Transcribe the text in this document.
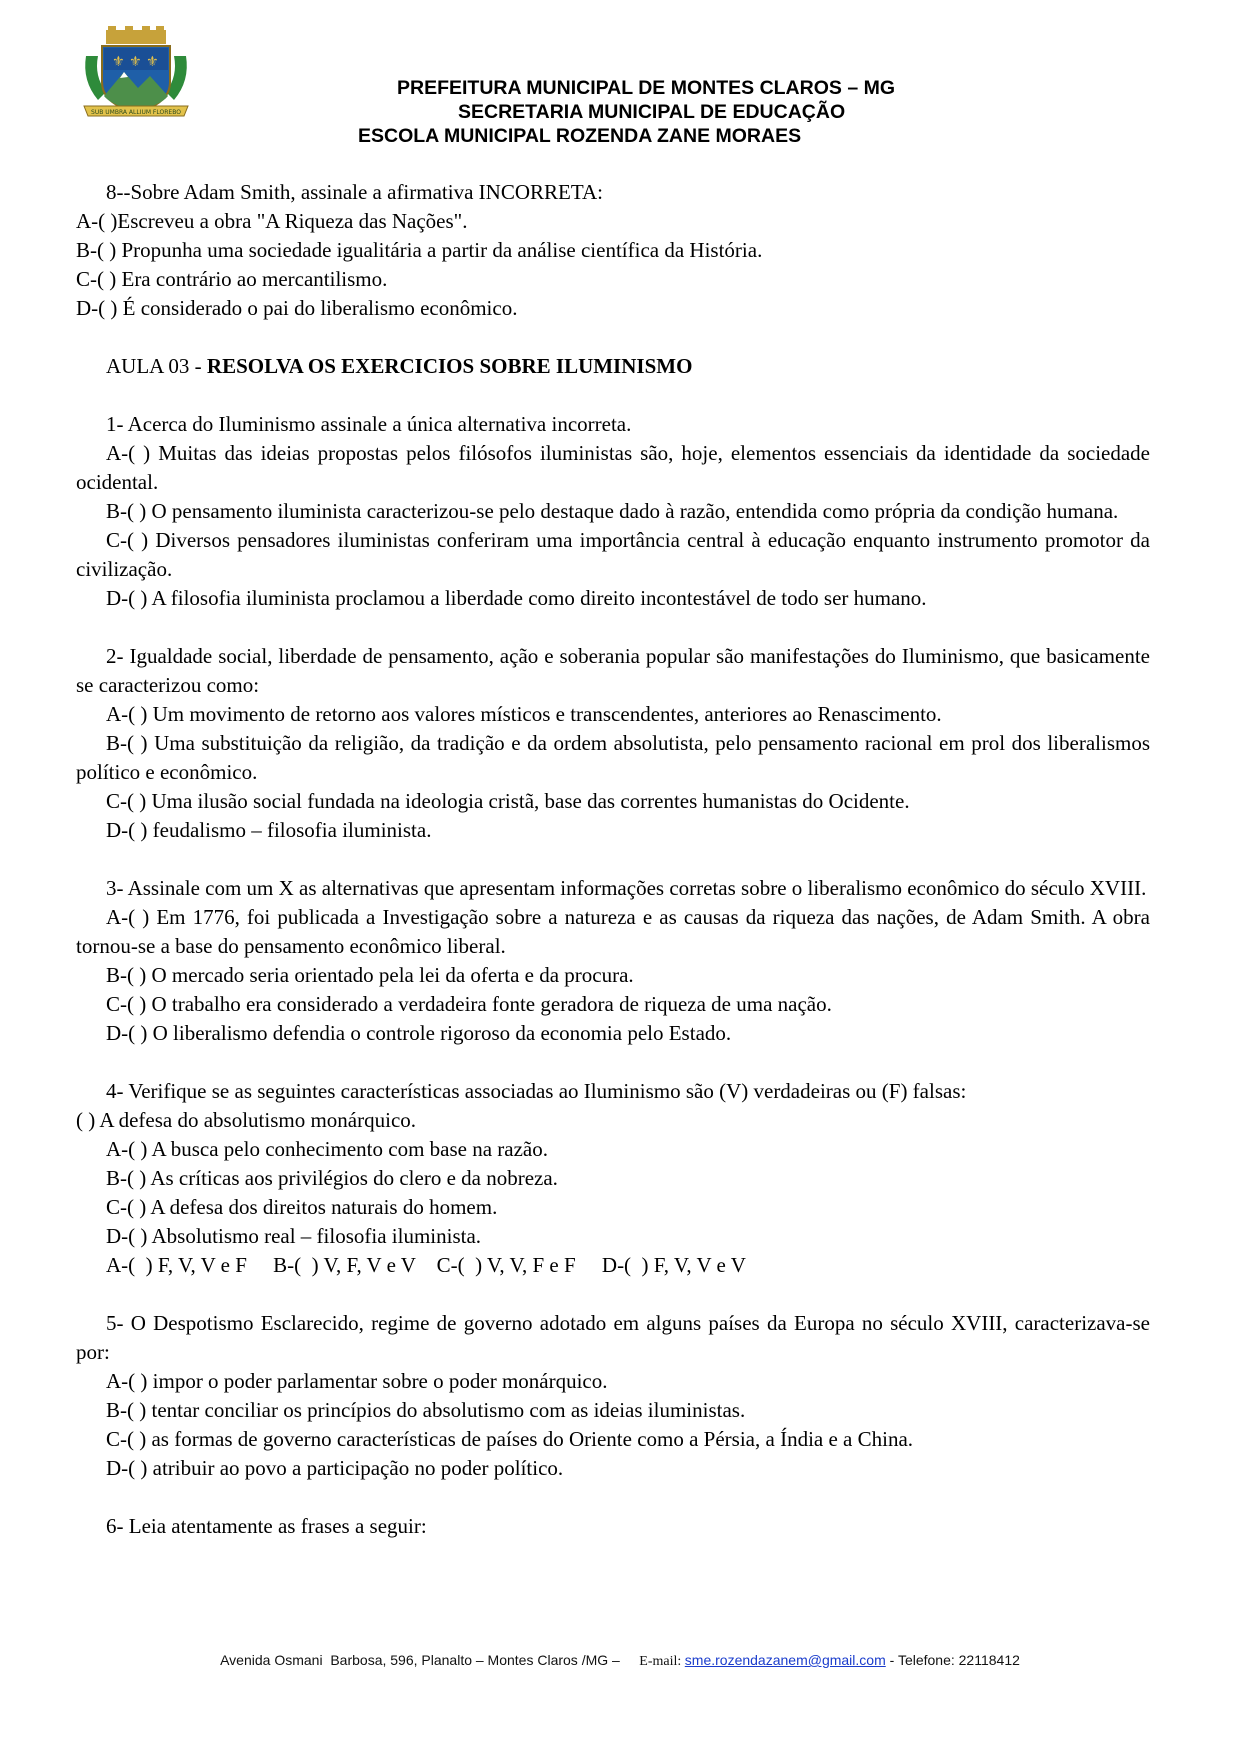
⚜ ⚜ ⚜
SUB UMBRA ALLIUM FLOREBO
PREFEITURA MUNICIPAL DE MONTES CLAROS – MG
SECRETARIA MUNICIPAL DE EDUCAÇÃO
ESCOLA MUNICIPAL ROZENDA ZANE MORAES

8--Sobre Adam Smith, assinale a afirmativa INCORRETA:

A-( )Escreveu a obra "A Riqueza das Nações".

B-( ) Propunha uma sociedade igualitária a partir da análise científica da História.

C-( ) Era contrário ao mercantilismo.

D-( ) É considerado o pai do liberalismo econômico.

AULA 03 - RESOLVA OS EXERCICIOS SOBRE ILUMINISMO

1- Acerca do Iluminismo assinale a única alternativa incorreta.

A-( ) Muitas das ideias propostas pelos filósofos iluministas são, hoje, elementos essenciais da identidade da sociedade ocidental.

B-( ) O pensamento iluminista caracterizou-se pelo destaque dado à razão, entendida como própria da condição humana.

C-( ) Diversos pensadores iluministas conferiram uma importância central à educação enquanto instrumento promotor da civilização.

D-( ) A filosofia iluminista proclamou a liberdade como direito incontestável de todo ser humano.

2- Igualdade social, liberdade de pensamento, ação e soberania popular são manifestações do Iluminismo, que basicamente se caracterizou como:

A-( ) Um movimento de retorno aos valores místicos e transcendentes, anteriores ao Renascimento.

B-( ) Uma substituição da religião, da tradição e da ordem absolutista, pelo pensamento racional em prol dos liberalismos político e econômico.

C-( ) Uma ilusão social fundada na ideologia cristã, base das correntes humanistas do Ocidente.

D-( ) feudalismo – filosofia iluminista.

3- Assinale com um X as alternativas que apresentam informações corretas sobre o liberalismo econômico do século XVIII.

A-( ) Em 1776, foi publicada a Investigação sobre a natureza e as causas da riqueza das nações, de Adam Smith. A obra tornou-se a base do pensamento econômico liberal.

B-( ) O mercado seria orientado pela lei da oferta e da procura.

C-( ) O trabalho era considerado a verdadeira fonte geradora de riqueza de uma nação.

D-( ) O liberalismo defendia o controle rigoroso da economia pelo Estado.

4- Verifique se as seguintes características associadas ao Iluminismo são (V) verdadeiras ou (F) falsas:

( ) A defesa do absolutismo monárquico.

A-( ) A busca pelo conhecimento com base na razão.

B-( ) As críticas aos privilégios do clero e da nobreza.

C-( ) A defesa dos direitos naturais do homem.

D-( ) Absolutismo real – filosofia iluminista.

A-(  ) F, V, V e F     B-(  ) V, F, V e V    C-(  ) V, V, F e F     D-(  ) F, V, V e V

5- O Despotismo Esclarecido, regime de governo adotado em alguns países da Europa no século XVIII, caracterizava-se por:

A-( ) impor o poder parlamentar sobre o poder monárquico.

B-( ) tentar conciliar os princípios do absolutismo com as ideias iluministas.

C-( ) as formas de governo características de países do Oriente como a Pérsia, a Índia e a China.

D-( ) atribuir ao povo a participação no poder político.

6- Leia atentamente as frases a seguir:

Avenida Osmani  Barbosa, 596, Planalto – Montes Claros /MG –     E-mail: sme.rozendazanem@gmail.com - Telefone: 22118412
